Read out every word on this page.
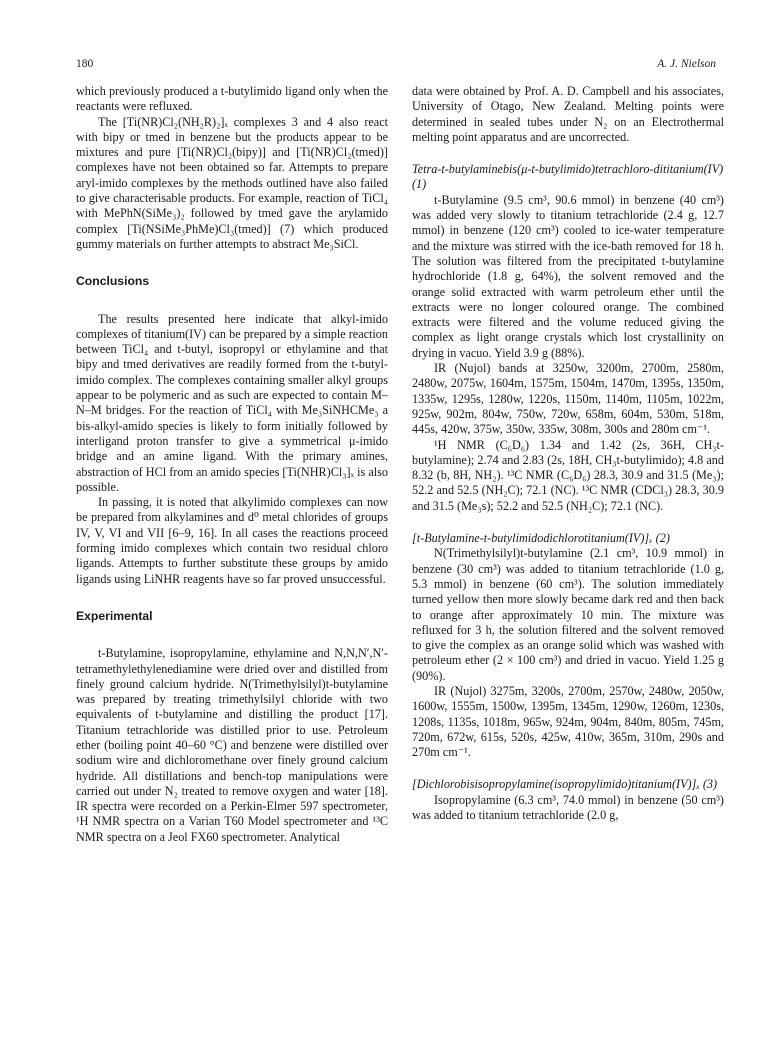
180	A. J. Nielson

which previously produced a t-butylimido ligand only when the reactants were refluxed.

The [Ti(NR)Cl₂(NH₂R)₂]ₓ complexes 3 and 4 also react with bipy or tmed in benzene but the products appear to be mixtures and pure [Ti(NR)Cl₂(bipy)] and [Ti(NR)Cl₂(tmed)] complexes have not been obtained so far. Attempts to prepare aryl-imido complexes by the methods outlined have also failed to give characterisable products. For example, reaction of TiCl₄ with MePhN(SiMe₃)₂ followed by tmed gave the arylamido complex [Ti(NSiMe₃PhMe)Cl₃(tmed)] (7) which produced gummy materials on further attempts to abstract Me₃SiCl.

Conclusions

The results presented here indicate that alkyl-imido complexes of titanium(IV) can be prepared by a simple reaction between TiCl₄ and t-butyl, isopropyl or ethylamine and that bipy and tmed derivatives are readily formed from the t-butyl-imido complex. The complexes containing smaller alkyl groups appear to be polymeric and as such are expected to contain M–N–M bridges. For the reaction of TiCl₄ with Me₃SiNHCMe₃ a bis-alkyl-amido species is likely to form initially followed by interligand proton transfer to give a symmetrical μ-imido bridge and an amine ligand. With the primary amines, abstraction of HCl from an amido species [Ti(NHR)Cl₃]ₓ is also possible.

In passing, it is noted that alkylimido complexes can now be prepared from alkylamines and d⁰ metal chlorides of groups IV, V, VI and VII [6–9, 16]. In all cases the reactions proceed forming imido complexes which contain two residual chloro ligands. Attempts to further substitute these groups by amido ligands using LiNHR reagents have so far proved unsuccessful.

Experimental

t-Butylamine, isopropylamine, ethylamine and N,N,N′,N′-tetramethylethylenediamine were dried over and distilled from finely ground calcium hydride. N(Trimethylsilyl)t-butylamine was prepared by treating trimethylsilyl chloride with two equivalents of t-butylamine and distilling the product [17]. Titanium tetrachloride was distilled prior to use. Petroleum ether (boiling point 40–60 °C) and benzene were distilled over sodium wire and dichloromethane over finely ground calcium hydride. All distillations and bench-top manipulations were carried out under N₂ treated to remove oxygen and water [18]. IR spectra were recorded on a Perkin-Elmer 597 spectrometer, ¹H NMR spectra on a Varian T60 Model spectrometer and ¹³C NMR spectra on a Jeol FX60 spectrometer. Analytical

data were obtained by Prof. A. D. Campbell and his associates, University of Otago, New Zealand. Melting points were determined in sealed tubes under N₂ on an Electrothermal melting point apparatus and are uncorrected.

Tetra-t-butylaminebis(μ-t-butylimido)tetrachloro-dititanium(IV) (1)

t-Butylamine (9.5 cm³, 90.6 mmol) in benzene (40 cm³) was added very slowly to titanium tetrachloride (2.4 g, 12.7 mmol) in benzene (120 cm³) cooled to ice-water temperature and the mixture was stirred with the ice-bath removed for 18 h. The solution was filtered from the precipitated t-butylamine hydrochloride (1.8 g, 64%), the solvent removed and the orange solid extracted with warm petroleum ether until the extracts were no longer coloured orange. The combined extracts were filtered and the volume reduced giving the complex as light orange crystals which lost crystallinity on drying in vacuo. Yield 3.9 g (88%).

IR (Nujol) bands at 3250w, 3200m, 2700m, 2580m, 2480w, 2075w, 1604m, 1575m, 1504m, 1470m, 1395s, 1350m, 1335w, 1295s, 1280w, 1220s, 1150m, 1140m, 1105m, 1022m, 925w, 902m, 804w, 750w, 720w, 658m, 604m, 530m, 518m, 445s, 420w, 375w, 350w, 335w, 308m, 300s and 280m cm⁻¹.

¹H NMR (C₆D₆) 1.34 and 1.42 (2s, 36H, CH₃t-butylamine); 2.74 and 2.83 (2s, 18H, CH₃t-butylimido); 4.8 and 8.32 (b, 8H, NH₂). ¹³C NMR (C₆D₆) 28.3, 30.9 and 31.5 (Me₃); 52.2 and 52.5 (NH₂C); 72.1 (NC). ¹³C NMR (CDCl₃) 28.3, 30.9 and 31.5 (Me₃s); 52.2 and 52.5 (NH₂C); 72.1 (NC).

[t-Butylamine-t-butylimidodichlorotitanium(IV)]ₓ (2)

N(Trimethylsilyl)t-butylamine (2.1 cm³, 10.9 mmol) in benzene (30 cm³) was added to titanium tetrachloride (1.0 g, 5.3 mmol) in benzene (60 cm³). The solution immediately turned yellow then more slowly became dark red and then back to orange after approximately 10 min. The mixture was refluxed for 3 h, the solution filtered and the solvent removed to give the complex as an orange solid which was washed with petroleum ether (2 × 100 cm³) and dried in vacuo. Yield 1.25 g (90%).

IR (Nujol) 3275m, 3200s, 2700m, 2570w, 2480w, 2050w, 1600w, 1555m, 1500w, 1395m, 1345m, 1290w, 1260m, 1230s, 1208s, 1135s, 1018m, 965w, 924m, 904m, 840m, 805m, 745m, 720m, 672w, 615s, 520s, 425w, 410w, 365m, 310m, 290s and 270m cm⁻¹.

[Dichlorobisisopropylamine(isopropylimido)titanium(IV)]ₓ (3)

Isopropylamine (6.3 cm³, 74.0 mmol) in benzene (50 cm³) was added to titanium tetrachloride (2.0 g,
